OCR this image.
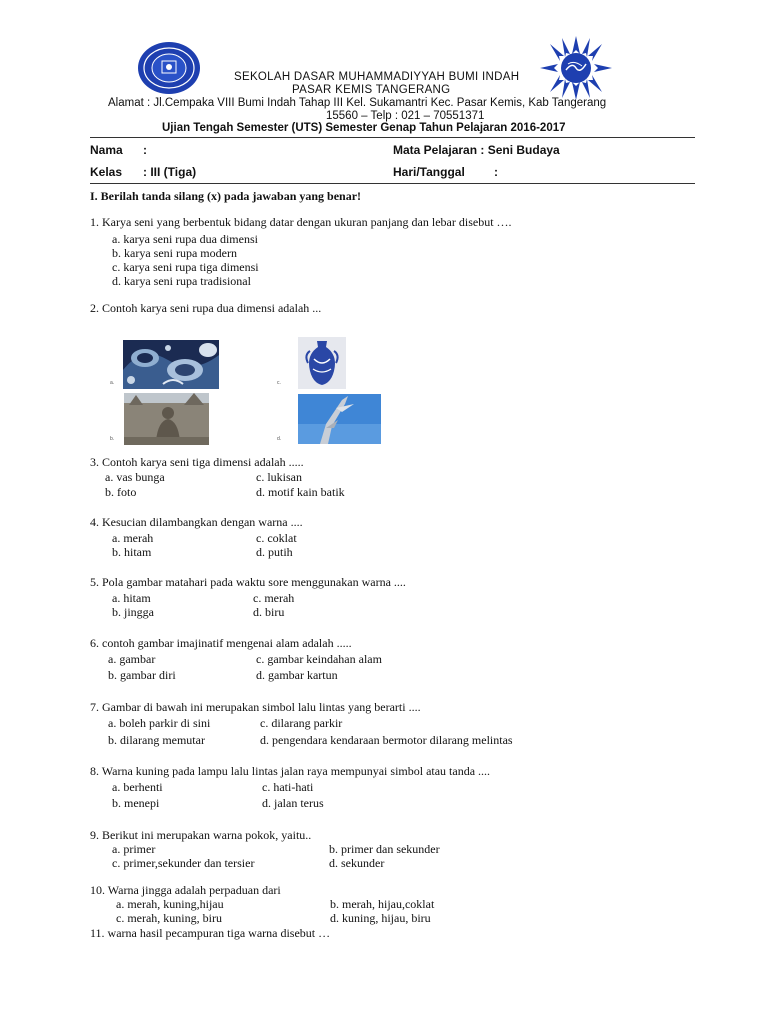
SEKOLAH DASAR MUHAMMADIYYAH BUMI INDAH
PASAR KEMIS TANGERANG
Alamat : Jl.Cempaka VIII Bumi Indah Tahap III Kel. Sukamantri Kec. Pasar Kemis, Kab Tangerang
15560 – Telp : 021 – 70551371
Ujian Tengah Semester (UTS) Semester Genap Tahun Pelajaran 2016-2017
Nama :	Mata Pelajaran : Seni Budaya
Kelas : III (Tiga)	Hari/Tanggal :
I. Berilah tanda silang (x) pada jawaban yang benar!
1. Karya seni yang berbentuk bidang datar dengan ukuran panjang dan lebar disebut ….
a. karya seni rupa dua dimensi
b. karya seni rupa modern
c. karya seni rupa tiga dimensi
d. karya seni rupa tradisional
2. Contoh karya seni rupa dua dimensi adalah ...
a.	c.
b.	d.
3. Contoh karya seni tiga dimensi adalah .....
a. vas bunga	c. lukisan
b. foto	d. motif kain batik
4. Kesucian dilambangkan dengan warna ....
a. merah	c. coklat
b. hitam	d. putih
5. Pola gambar matahari pada waktu sore menggunakan warna ....
a. hitam	c. merah
b. jingga	d. biru
6. contoh gambar imajinatif mengenai alam adalah .....
a. gambar	c. gambar keindahan alam
b. gambar diri	d. gambar kartun
7. Gambar di bawah ini merupakan simbol lalu lintas yang berarti ....
a. boleh parkir di sini	c. dilarang parkir
b. dilarang memutar	d. pengendara kendaraan bermotor dilarang melintas
8. Warna kuning pada lampu lalu lintas jalan raya mempunyai simbol atau tanda ....
a. berhenti	c. hati-hati
b. menepi	d. jalan terus
9. Berikut ini merupakan warna pokok, yaitu..
a. primer	b. primer dan sekunder
c. primer,sekunder dan tersier	d. sekunder
10. Warna jingga adalah perpaduan dari
a. merah, kuning,hijau	b. merah, hijau,coklat
c. merah, kuning, biru	d. kuning, hijau, biru
11. warna hasil pecampuran tiga warna disebut …
